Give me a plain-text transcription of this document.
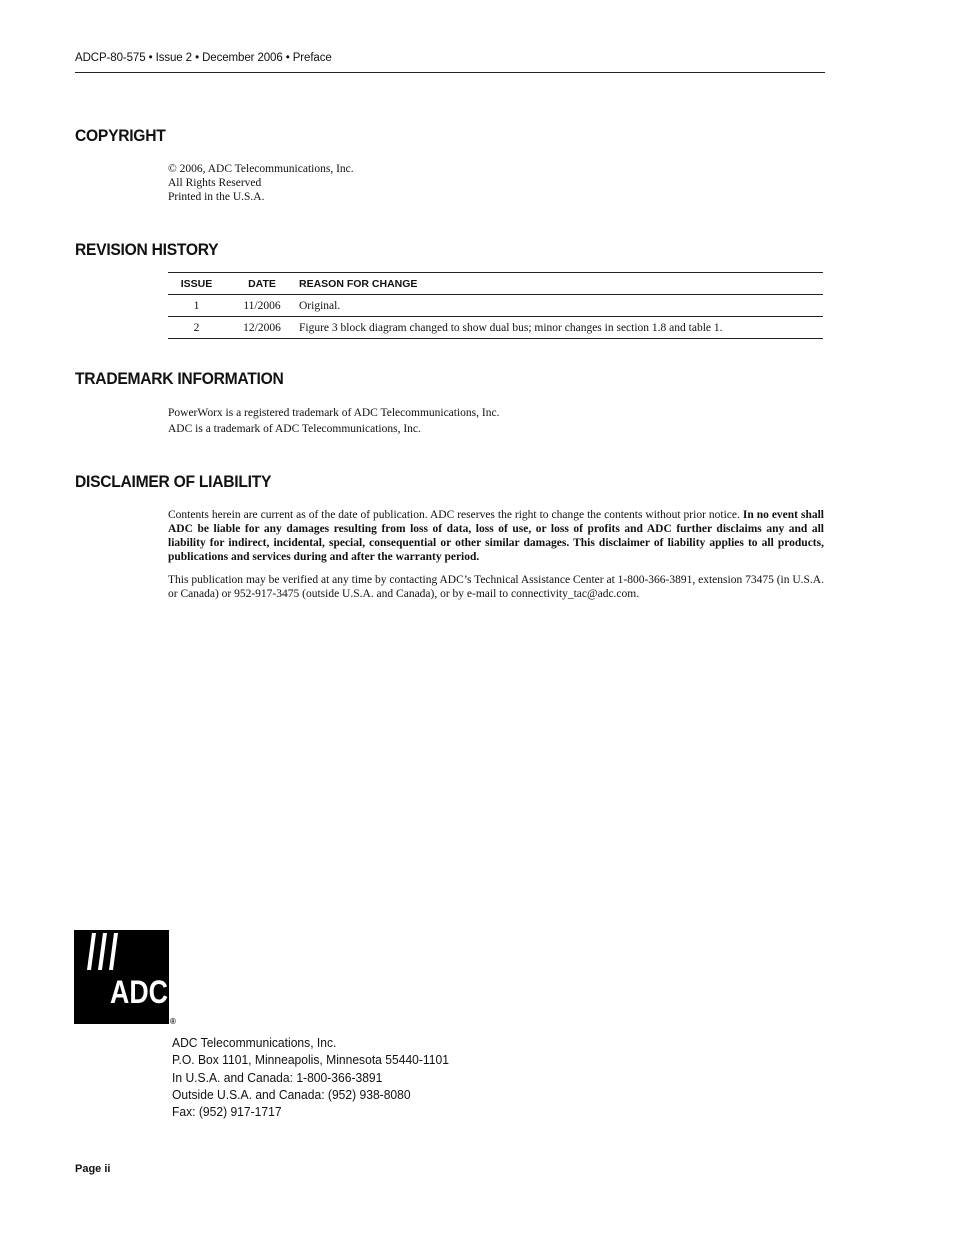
ADCP-80-575 • Issue 2 • December 2006 • Preface
COPYRIGHT

© 2006, ADC Telecommunications, Inc.

All Rights Reserved

Printed in the U.S.A.

REVISION HISTORY
ISSUE	DATE	REASON FOR CHANGE
1	11/2006	Original.
2	12/2006	Figure 3 block diagram changed to show dual bus; minor changes in section 1.8 and table 1.
TRADEMARK INFORMATION

PowerWorx is a registered trademark of ADC Telecommunications, Inc.

ADC is a trademark of ADC Telecommunications, Inc.

DISCLAIMER OF LIABILITY

Contents herein are current as of the date of publication. ADC reserves the right to change the contents without prior notice. In no event shall ADC be liable for any damages resulting from loss of data, loss of use, or loss of profits and ADC further disclaims any and all liability for indirect, incidental, special, consequential or other similar damages. This disclaimer of liability applies to all products, publications and services during and after the warranty period.

This publication may be verified at any time by contacting ADC’s Technical Assistance Center at 1-800-366-3891, extension 73475 (in U.S.A. or Canada) or 952-917-3475 (outside U.S.A. and Canada), or by e-mail to connectivity_tac@adc.com.

ADC
®
ADC Telecommunications, Inc.
P.O. Box 1101, Minneapolis, Minnesota 55440-1101
In U.S.A. and Canada: 1-800-366-3891
Outside U.S.A. and Canada: (952) 938-8080
Fax: (952) 917-1717
Page ii
